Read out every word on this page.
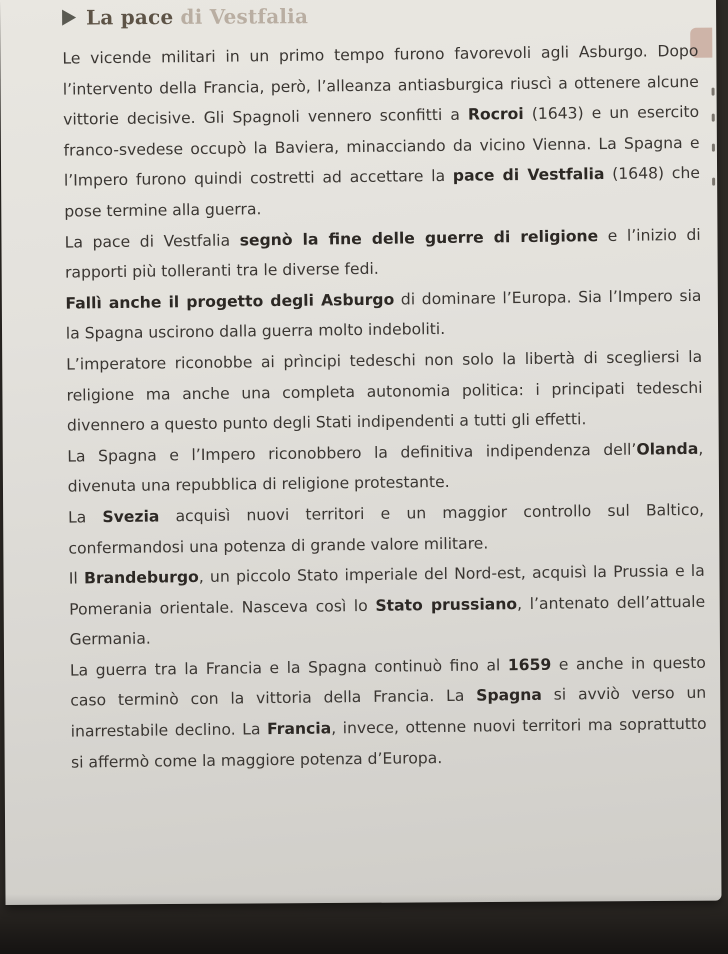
La pace di Vestfalia

Le vicende militari in un primo tempo furono favorevoli agli Asburgo. Dopo l’intervento della Francia, però, l’alleanza antiasburgica riuscì a ottenere alcune vittorie decisive. Gli Spagnoli vennero sconfitti a Rocroi (1643) e un esercito franco-svedese occupò la Baviera, minacciando da vicino Vienna. La Spagna e l’Impero furono quindi costretti ad accettare la pace di Vestfalia (1648) che pose termine alla guerra.

La pace di Vestfalia segnò la fine delle guerre di religione e l’inizio di rapporti più tolleranti tra le diverse fedi.

Fallì anche il progetto degli Asburgo di dominare l’Europa. Sia l’Impero sia la Spagna uscirono dalla guerra molto indeboliti.

L’imperatore riconobbe ai prìncipi tedeschi non solo la libertà di scegliersi la religione ma anche una completa autonomia politica: i principati tedeschi divennero a questo punto degli Stati indipendenti a tutti gli effetti.

La Spagna e l’Impero riconobbero la definitiva indipendenza dell’Olanda, divenuta una repubblica di religione protestante.

La Svezia acquisì nuovi territori e un maggior controllo sul Baltico, confermandosi una potenza di grande valore militare.

Il Brandeburgo, un piccolo Stato imperiale del Nord-est, acquisì la Prussia e la Pomerania orientale. Nasceva così lo Stato prussiano, l’antenato dell’attuale Germania.

La guerra tra la Francia e la Spagna continuò fino al 1659 e anche in questo caso terminò con la vittoria della Francia. La Spagna si avviò verso un inarrestabile declino. La Francia, invece, ottenne nuovi territori ma soprattutto si affermò come la maggiore potenza d’Europa.
